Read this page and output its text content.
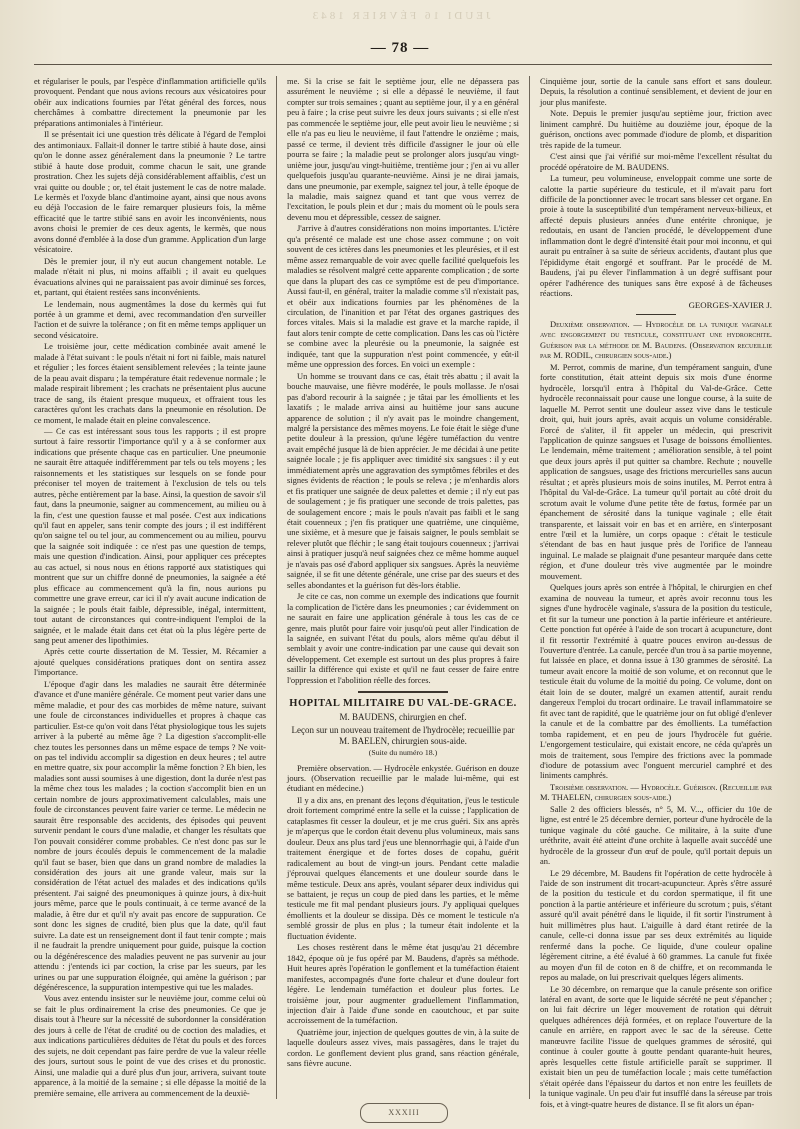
JEUDI 16 FÉVRIER 1843
— 78 —

et régulariser le pouls, par l'espèce d'inflammation artificielle qu'ils provoquent. Pendant que nous avions recours aux vésicatoires pour obéir aux indications fournies par l'état général des forces, nous cherchâmes à combattre directement la pneumonie par les préparations antimoniales à l'intérieur.

Il se présentait ici une question très délicate à l'égard de l'emploi des antimoniaux. Fallait-il donner le tartre stibié à haute dose, ainsi qu'on le donne assez généralement dans la pneumonie ? Le tartre stibié à haute dose produit, comme chacun le sait, une grande prostration. Chez les sujets déjà considérablement affaiblis, c'est un vrai quitte ou double ; or, tel était justement le cas de notre malade. Le kermès et l'oxyde blanc d'antimoine ayant, ainsi que nous avons eu déjà l'occasion de le faire remarquer plusieurs fois, la même efficacité que le tartre stibié sans en avoir les inconvénients, nous avons choisi le premier de ces deux agents, le kermès, que nous avons donné d'emblée à la dose d'un gramme. Application d'un large vésicatoire.

Dès le premier jour, il n'y eut aucun changement notable. Le malade n'était ni plus, ni moins affaibli ; il avait eu quelques évacuations alvines qui ne paraissaient pas avoir diminué ses forces, et, partant, qui étaient restées sans inconvénients.

Le lendemain, nous augmentâmes la dose du kermès qui fut portée à un gramme et demi, avec recommandation d'en surveiller l'action et de suivre la tolérance ; on fit en même temps appliquer un second vésicatoire.

Le troisième jour, cette médication combinée avait amené le malade à l'état suivant : le pouls n'était ni fort ni faible, mais naturel et régulier ; les forces étaient sensiblement relevées ; la teinte jaune de la peau avait disparu ; la température était redevenue normale ; le malade respirait librement ; les crachats ne présentaient plus aucune trace de sang, ils étaient presque muqueux, et offraient tous les caractères qu'ont les crachats dans la pneumonie en résolution. De ce moment, le malade était en pleine convalescence.

— Ce cas est intéressant sous tous les rapports ; il est propre surtout à faire ressortir l'importance qu'il y a à se conformer aux indications que présente chaque cas en particulier. Une pneumonie ne saurait être attaquée indifféremment par tels ou tels moyens ; les raisonnements et les statistiques sur lesquels on se fonde pour préconiser tel moyen de traitement à l'exclusion de tels ou tels autres, pèche entièrement par la base. Ainsi, la question de savoir s'il faut, dans la pneumonie, saigner au commencement, au milieu ou à la fin, c'est une question fausse et mal posée. C'est aux indications qu'il faut en appeler, sans tenir compte des jours ; il est indifférent qu'on saigne tel ou tel jour, au commencement ou au milieu, pourvu que la saignée soit indiquée : ce n'est pas une question de temps, mais une question d'indication. Ainsi, pour appliquer ces préceptes au cas actuel, si nous nous en étions rapporté aux statistiques qui montrent que sur un chiffre donné de pneumonies, la saignée a été plus efficace au commencement qu'à la fin, nous aurions pu commettre une grave erreur, car ici il n'y avait aucune indication de la saignée ; le pouls était faible, dépressible, inégal, intermittent, tout autant de circonstances qui contre-indiquent l'emploi de la saignée, et le malade était dans cet état où la plus légère perte de sang peut amener des lipothimies.

Après cette courte dissertation de M. Tessier, M. Récamier a ajouté quelques considérations pratiques dont on sentira assez l'importance.

L'époque d'agir dans les maladies ne saurait être déterminée d'avance et d'une manière générale. Ce moment peut varier dans une même maladie, et pour des cas morbides de même nature, suivant une foule de circonstances individuelles et propres à chaque cas particulier. Est-ce qu'on voit dans l'état physiologique tous les sujets arriver à la puberté au même âge ? La digestion s'accomplit-elle chez toutes les personnes dans un même espace de temps ? Ne voit-on pas tel individu accomplir sa digestion en deux heures ; tel autre en mettre quatre, six pour accomplir la même fonction ? Eh bien, les maladies sont aussi soumises à une digestion, dont la durée n'est pas la même chez tous les malades ; la coction s'accomplit bien en un certain nombre de jours approximativement calculables, mais une foule de circonstances peuvent faire varier ce terme. Le médecin ne saurait être responsable des accidents, des épisodes qui peuvent survenir pendant le cours d'une maladie, et changer les résultats que l'on pouvait considérer comme probables. Ce n'est donc pas sur le nombre de jours écoulés depuis le commencement de la maladie qu'il faut se baser, bien que dans un grand nombre de maladies la considération des jours ait une grande valeur, mais sur la considération de l'état actuel des malades et des indications qu'ils présentent. J'ai saigné des pneumoniques à quinze jours, à dix-huit jours même, parce que le pouls continuait, à ce terme avancé de la maladie, à être dur et qu'il n'y avait pas encore de suppuration. Ce sont donc les signes de crudité, bien plus que la date, qu'il faut suivre. La date est un renseignement dont il faut tenir compte ; mais il ne faudrait la prendre uniquement pour guide, puisque la coction ou la dégénérescence des maladies peuvent ne pas survenir au jour attendu : j'entends ici par coction, la crise par les sueurs, par les urines ou par une suppuration éloignée, qui amène la guérison ; par dégénérescence, la suppuration intempestive qui tue les malades.

Vous avez entendu insister sur le neuvième jour, comme celui où se fait le plus ordinairement la crise des pneumonies. Ce que je disais tout à l'heure sur la nécessité de subordonner la considération des jours à celle de l'état de crudité ou de coction des maladies, et aux indications particulières déduites de l'état du pouls et des forces des sujets, ne doit cependant pas faire perdre de vue la valeur réelle des jours, surtout sous le point de vue des crises et du pronostic. Ainsi, une maladie qui a duré plus d'un jour, arrivera, suivant toute apparence, à la moitié de la semaine ; si elle dépasse la moitié de la première semaine, elle arrivera au commencement de la deuxiè-

me. Si la crise se fait le septième jour, elle ne dépassera pas assurément le neuvième ; si elle a dépassé le neuvième, il faut compter sur trois semaines ; quant au septième jour, il y a en général peu à faire ; la crise peut suivre les deux jours suivants ; si elle n'est pas commencée le septième jour, elle peut avoir lieu le neuvième ; si elle n'a pas eu lieu le neuvième, il faut l'attendre le onzième ; mais, passé ce terme, il devient très difficile d'assigner le jour où elle pourra se faire ; la maladie peut se prolonger alors jusqu'au vingt-unième jour, jusqu'au vingt-huitième, trentième jour ; j'en ai vu aller quelquefois jusqu'au quarante-neuvième. Ainsi je ne dirai jamais, dans une pneumonie, par exemple, saignez tel jour, à telle époque de la maladie, mais saignez quand et tant que vous verrez de l'excitation, le pouls plein et dur ; mais du moment où le pouls sera devenu mou et dépressible, cessez de saigner.

J'arrive à d'autres considérations non moins importantes. L'ictère qu'a présenté ce malade est une chose assez commune ; on voit souvent de ces ictères dans les pneumonies et les pleurésies, et il est même assez remarquable de voir avec quelle facilité quelquefois les maladies se résolvent malgré cette apparente complication ; de sorte que dans la plupart des cas ce symptôme est de peu d'importance. Aussi faut-il, en général, traiter la maladie comme s'il n'existait pas, et obéir aux indications fournies par les phénomènes de la circulation, de l'inanition et par l'état des organes gastriques des forces vitales. Mais si la maladie est grave et la marche rapide, il faut alors tenir compte de cette complication. Dans les cas où l'ictère se combine avec la pleurésie ou la pneumonie, la saignée est indiquée, tant que la suppuration n'est point commencée, y eût-il même une oppression des forces. En voici un exemple :

Un homme se trouvant dans ce cas, était très abattu ; il avait la bouche mauvaise, une fièvre modérée, le pouls mollasse. Je n'osai pas d'abord recourir à la saignée ; je tâtai par les émollients et les laxatifs ; le malade arriva ainsi au huitième jour sans aucune apparence de solution ; il n'y avait pas le moindre changement, malgré la persistance des mêmes moyens. Le foie était le siège d'une petite douleur à la pression, qu'une légère tuméfaction du ventre avait empêché jusque là de bien apprécier. Je me décidai à une petite saignée locale ; je fis appliquer avec timidité six sangsues : il y eut immédiatement après une aggravation des symptômes fébriles et des signes évidents de réaction ; le pouls se releva ; je m'enhardis alors et fis pratiquer une saignée de deux palettes et demie ; il n'y eut pas de soulagement ; je fis pratiquer une seconde de trois palettes, pas de soulagement encore ; mais le pouls n'avait pas faibli et le sang était couenneux ; j'en fis pratiquer une quatrième, une cinquième, une sixième, et à mesure que je faisais saigner, le pouls semblait se relever plutôt que fléchir ; le sang était toujours couenneux ; j'arrivai ainsi à pratiquer jusqu'à neuf saignées chez ce même homme auquel je n'avais pas osé d'abord appliquer six sangsues. Après la neuvième saignée, il se fit une détente générale, une crise par des sueurs et des selles abondantes et la guérison fut dès-lors établie.

Je cite ce cas, non comme un exemple des indications que fournit la complication de l'ictère dans les pneumonies ; car évidemment on ne saurait en faire une application générale à tous les cas de ce genre, mais plutôt pour faire voir jusqu'où peut aller l'indication de la saignée, en suivant l'état du pouls, alors même qu'au début il semblait y avoir une contre-indication par une cause qui devait son développement. Cet exemple est surtout un des plus propres à faire saillir la différence qui existe et qu'il ne faut cesser de faire entre l'oppression et l'abolition réelle des forces.

HOPITAL MILITAIRE DU VAL-DE-GRACE.
M. BAUDENS, chirurgien en chef.
Leçon sur un nouveau traitement de l'hydrocèle; recueillie par M. BAELEN, chirurgien sous-aide.
(Suite du numéro 18.)

Première observation. — Hydrocèle enkystée. Guérison en douze jours. (Observation recueillie par le malade lui-même, qui est étudiant en médecine.)

Il y a dix ans, en prenant des leçons d'équitation, j'eus le testicule droit fortement comprimé entre la selle et la cuisse ; l'application de cataplasmes fit cesser la douleur, et je me crus guéri. Six ans après je m'aperçus que le cordon était devenu plus volumineux, mais sans douleur. Deux ans plus tard j'eus une blennorrhagie qui, à l'aide d'un traitement énergique et de fortes doses de copahu, guérit radicalement au bout de vingt-un jours. Pendant cette maladie j'éprouvai quelques élancements et une douleur sourde dans le même testicule. Deux ans après, voulant séparer deux individus qui se battaient, je reçus un coup de pied dans les parties, et le même testicule me fit mal pendant plusieurs jours. J'y appliquai quelques émollients et la douleur se dissipa. Dès ce moment le testicule n'a semblé grossir de plus en plus ; la tumeur était indolente et la fluctuation évidente.

Les choses restèrent dans le même état jusqu'au 21 décembre 1842, époque où je fus opéré par M. Baudens, d'après sa méthode. Huit heures après l'opération le gonflement et la tuméfaction étaient manifestes, accompagnés d'une forte chaleur et d'une douleur fort légère. Le lendemain tuméfaction et douleur plus fortes. Le troisième jour, pour augmenter graduellement l'inflammation, injection d'air à l'aide d'une sonde en caoutchouc, et par suite accroissement de la tuméfaction.

Quatrième jour, injection de quelques gouttes de vin, à la suite de laquelle douleurs assez vives, mais passagères, dans le trajet du cordon. Le gonflement devient plus grand, sans réaction générale, sans fièvre aucune.

Cinquième jour, sortie de la canule sans effort et sans douleur. Depuis, la résolution a continué sensiblement, et devient de jour en jour plus manifeste.

Note. Depuis le premier jusqu'au septième jour, friction avec liniment camphré. Du huitième au douzième jour, époque de la guérison, onctions avec pommade d'iodure de plomb, et disparition très rapide de la tumeur.

C'est ainsi que j'ai vérifié sur moi-même l'excellent résultat du procédé opératoire de M. BAUDENS.

La tumeur, peu volumineuse, enveloppait comme une sorte de calotte la partie supérieure du testicule, et il m'avait paru fort difficile de la ponctionner avec le trocart sans blesser cet organe. En proie à toute la susceptibilité d'un tempérament nerveux-bilieux, et affecté depuis plusieurs années d'une entérite chronique, je redoutais, en usant de l'ancien procédé, le développement d'une inflammation dont le degré d'intensité était pour moi inconnu, et qui aurait pu entraîner à sa suite de sérieux accidents, d'autant plus que l'épididyme était engorgé et souffrant. Par le procédé de M. Baudens, j'ai pu élever l'inflammation à un degré suffisant pour opérer l'adhérence des tuniques sans être exposé à de fâcheuses réactions.

GEORGES-XAVIER J.

Deuxième observation. — Hydrocèle de la tunique vaginale avec engorgement du testicule, constituant une hydrorchite. Guérison par la méthode de M. Baudens. (Observation recueillie par M. RODIL, chirurgien sous-aide.)

M. Perrot, commis de marine, d'un tempérament sanguin, d'une forte constitution, était atteint depuis six mois d'une énorme hydrocèle, lorsqu'il entra à l'hôpital du Val-de-Grâce. Cette hydrocèle reconnaissait pour cause une longue course, à la suite de laquelle M. Perrot sentit une douleur assez vive dans le testicule droit, qui, huit jours après, avait acquis un volume considérable. Forcé de s'aliter, il fit appeler un médecin, qui prescrivit l'application de quinze sangsues et l'usage de boissons émollientes. Le lendemain, même traitement ; amélioration sensible, à tel point que deux jours après il put quitter sa chambre. Rechute ; nouvelle application de sangsues, usage des frictions mercurielles sans aucun résultat ; et après plusieurs mois de soins inutiles, M. Perrot entra à l'hôpital du Val-de-Grâce. La tumeur qu'il portait au côté droit du scrotum avait le volume d'une petite tête de fœtus, formée par un épanchement de sérosité dans la tunique vaginale ; elle était transparente, et laissait voir en bas et en arrière, en s'interposant entre l'œil et la lumière, un corps opaque : c'était le testicule s'étendant de bas en haut jusque près de l'orifice de l'anneau inguinal. Le malade se plaignait d'une pesanteur marquée dans cette région, et d'une douleur très vive augmentée par le moindre mouvement.

Quelques jours après son entrée à l'hôpital, le chirurgien en chef examina de nouveau la tumeur, et après avoir reconnu tous les signes d'une hydrocèle vaginale, s'assura de la position du testicule, et fit sur la tumeur une ponction à la partie inférieure et antérieure. Cette ponction fut opérée à l'aide de son trocart à acupuncture, dont il fit ressortir l'extrémité à quatre pouces environ au-dessus de l'ouverture d'entrée. La canule, percée d'un trou à sa partie moyenne, fut laissée en place, et donna issue à 130 grammes de sérosité. La tumeur avait encore la moitié de son volume, et on reconnut que le testicule était du volume de la moitié du poing. Ce volume, dont on était loin de se douter, malgré un examen attentif, aurait rendu dangereux l'emploi du trocart ordinaire. Le travail inflammatoire se fit avec tant de rapidité, que le quatrième jour on fut obligé d'enlever la canule et de la combattre par des émollients. La tuméfaction tomba rapidement, et en peu de jours l'hydrocèle fut guérie. L'engorgement testiculaire, qui existait encore, ne céda qu'après un mois de traitement, sous l'empire des frictions avec la pommade d'iodure de potassium avec l'onguent mercuriel camphré et des liniments camphrés.

Troisième observation. — Hydrocèle. Guérison. (Recueillie par M. THAELEN, chirurgien sous-aide.)

Salle 2 des officiers blessés, n° 5, M. V..., officier du 10e de ligne, est entré le 25 décembre dernier, porteur d'une hydrocèle de la tunique vaginale du côté gauche. Ce militaire, à la suite d'une uréthrite, avait été atteint d'une orchite à laquelle avait succédé une hydrocèle de la grosseur d'un œuf de poule, qu'il portait depuis un an.

Le 29 décembre, M. Baudens fit l'opération de cette hydrocèle à l'aide de son instrument dit trocart-acupuncteur. Après s'être assuré de la position du testicule et du cordon spermatique, il fit une ponction à la partie antérieure et inférieure du scrotum ; puis, s'étant assuré qu'il avait pénétré dans le liquide, il fit sortir l'instrument à huit millimètres plus haut. L'aiguille à dard étant retirée de la canule, celle-ci donna issue par ses deux extrémités au liquide renfermé dans la poche. Ce liquide, d'une couleur opaline légèrement citrine, a été évalué à 60 grammes. La canule fut fixée au moyen d'un fil de coton en 8 de chiffre, et on recommanda le repos au malade, on lui prescrivait quelques légers aliments.

Le 30 décembre, on remarque que la canule présente son orifice latéral en avant, de sorte que le liquide sécrété ne peut s'épancher ; on lui fait décrire un léger mouvement de rotation qui détruit quelques adhérences déjà formées, et on replace l'ouverture de la canule en arrière, en rapport avec le sac de la séreuse. Cette manœuvre facilite l'issue de quelques grammes de sérosité, qui continue à couler goutte à goutte pendant quarante-huit heures, après lesquelles cette fistule artificielle paraît se supprimer. Il existait bien un peu de tuméfaction locale ; mais cette tuméfaction s'était opérée dans l'épaisseur du dartos et non entre les feuillets de la tunique vaginale. Un peu d'air fut insufflé dans la séreuse par trois fois, et à vingt-quatre heures de distance. Il se fit alors un épan-

XXXIII
